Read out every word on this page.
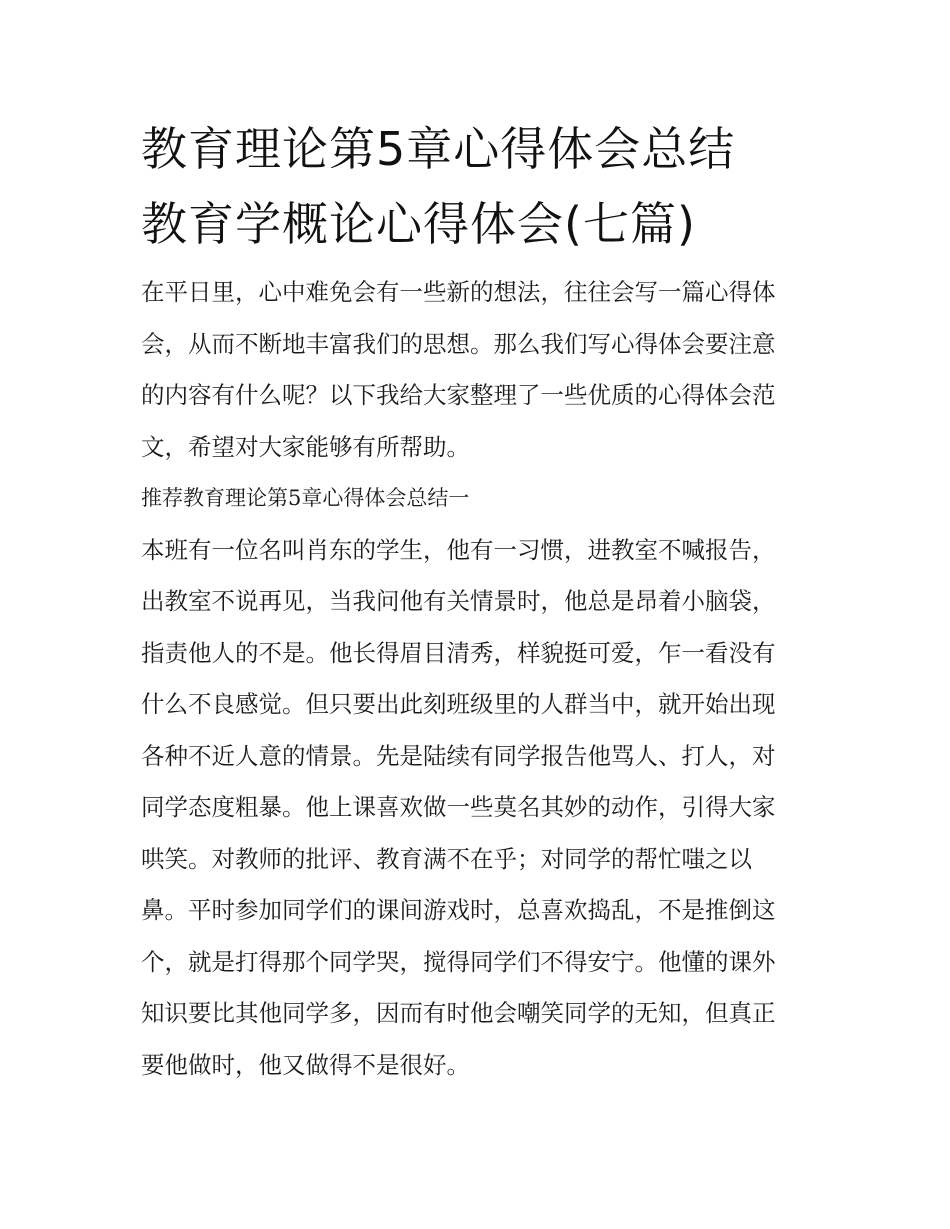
教育理论第5章心得体会总结
教育学概论心得体会(七篇)
在平日里，心中难免会有一些新的想法，往往会写一篇心得体
会，从而不断地丰富我们的思想。那么我们写心得体会要注意
的内容有什么呢？以下我给大家整理了一些优质的心得体会范
文，希望对大家能够有所帮助。
推荐教育理论第5章心得体会总结一
本班有一位名叫肖东的学生，他有一习惯，进教室不喊报告，
出教室不说再见，当我问他有关情景时，他总是昂着小脑袋，
指责他人的不是。他长得眉目清秀，样貌挺可爱，乍一看没有
什么不良感觉。但只要出此刻班级里的人群当中，就开始出现
各种不近人意的情景。先是陆续有同学报告他骂人、打人，对
同学态度粗暴。他上课喜欢做一些莫名其妙的动作，引得大家
哄笑。对教师的批评、教育满不在乎；对同学的帮忙嗤之以
鼻。平时参加同学们的课间游戏时，总喜欢捣乱，不是推倒这
个，就是打得那个同学哭，搅得同学们不得安宁。他懂的课外
知识要比其他同学多，因而有时他会嘲笑同学的无知，但真正
要他做时，他又做得不是很好。
